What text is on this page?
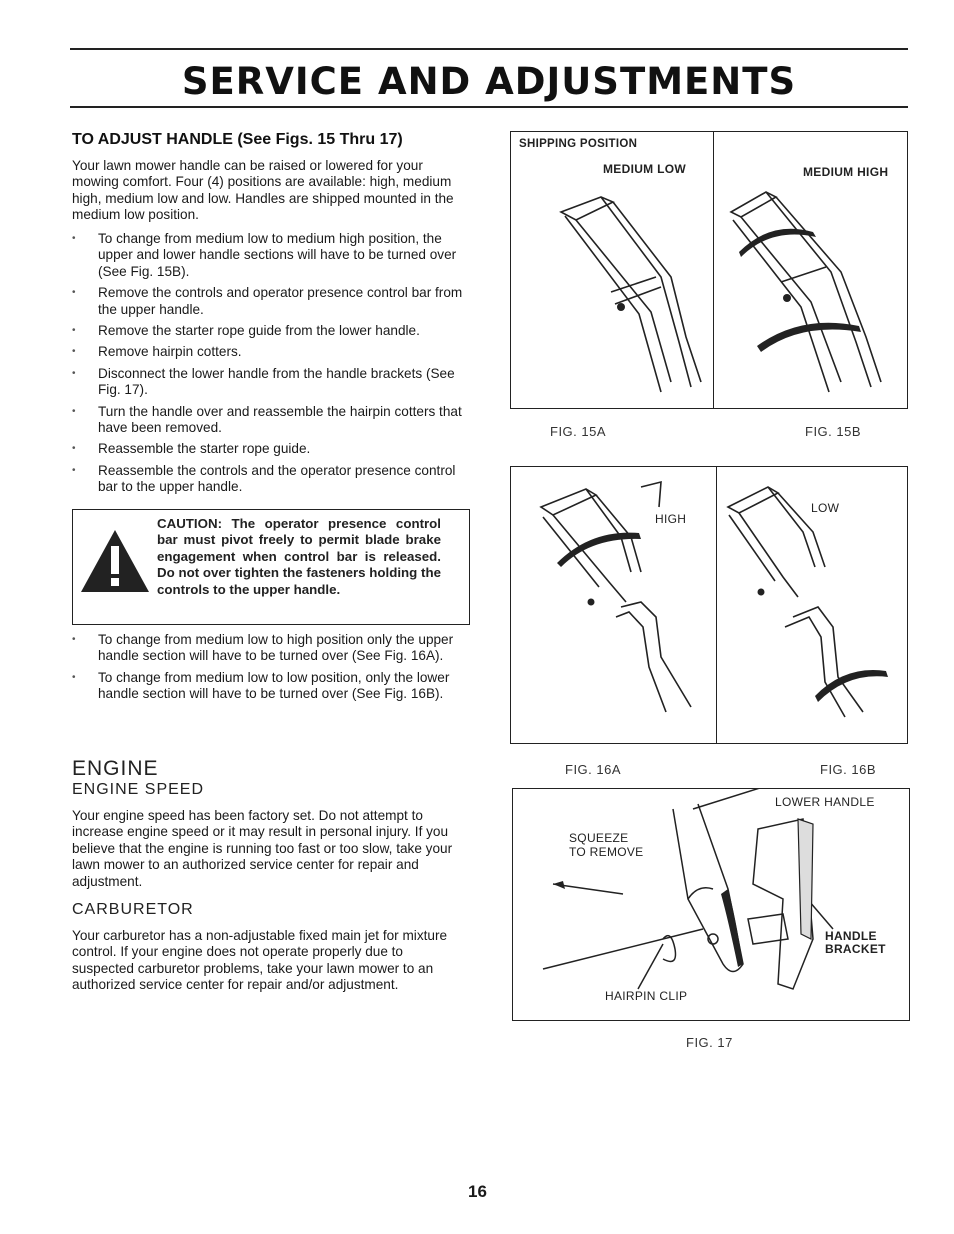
SERVICE AND ADJUSTMENTS
TO ADJUST HANDLE (See Figs. 15 Thru 17)
Your lawn mower handle can be raised or lowered for your mowing comfort. Four (4) positions are available: high, medium high, medium low and low. Handles are shipped mounted in the medium low position.
• To change from medium low to medium high position, the upper and lower handle sections will have to be turned over (See Fig. 15B).
• Remove the controls and operator presence control bar from the upper handle.
• Remove the starter rope guide from the lower handle.
• Remove hairpin cotters.
• Disconnect the lower handle from the handle brackets (See Fig. 17).
• Turn the handle over and reassemble the hairpin cotters that have been removed.
• Reassemble the starter rope guide.
• Reassemble the controls and the operator presence control bar to the upper handle.
CAUTION: The operator presence control bar must pivot freely to permit blade brake engagement when control bar is released. Do not over tighten the fasteners holding the controls to the upper handle.
• To change from medium low to high position only the upper handle section will have to be turned over (See Fig. 16A).
• To change from medium low to low position, only the lower handle section will have to be turned over (See Fig. 16B).
ENGINE
ENGINE SPEED
Your engine speed has been factory set. Do not attempt to increase engine speed or it may result in personal injury. If you believe that the engine is running too fast or too slow, take your lawn mower to an authorized service center for repair and adjustment.
CARBURETOR
Your carburetor has a non-adjustable fixed main jet for mixture control. If your engine does not operate properly due to suspected carburetor problems, take your lawn mower to an authorized service center for repair and/or adjustment.
SHIPPING POSITION
MEDIUM LOW	MEDIUM HIGH
FIG. 15A	FIG. 15B
HIGH
LOW
FIG. 16A	FIG. 16B
LOWER HANDLE
SQUEEZE
TO REMOVE
HANDLE
BRACKET
HAIRPIN CLIP
FIG. 17
16
